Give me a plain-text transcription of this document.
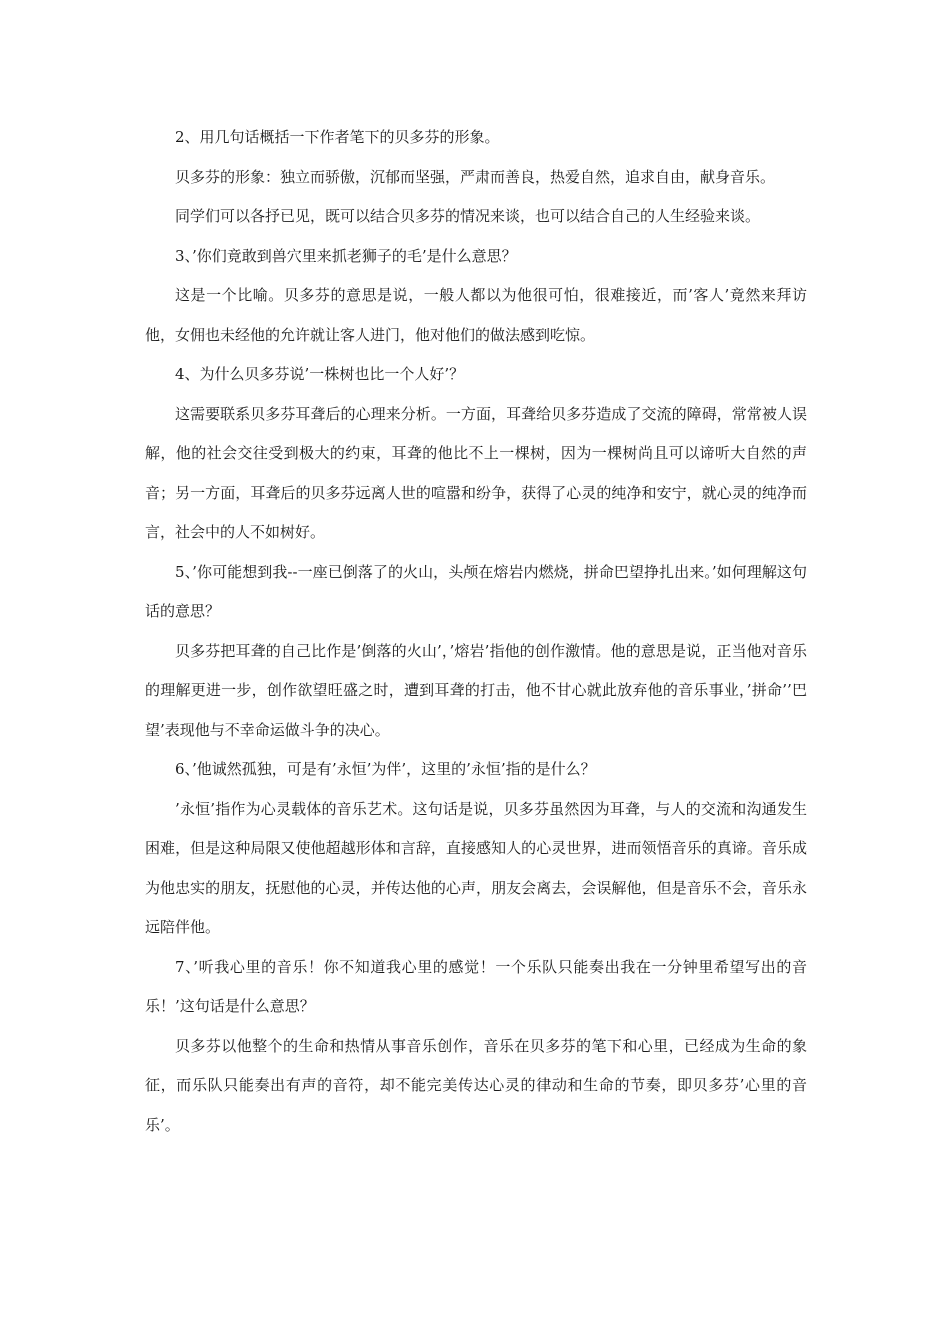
2、用几句话概括一下作者笔下的贝多芬的形象。

贝多芬的形象：独立而骄傲，沉郁而坚强，严肃而善良，热爱自然，追求自由，献身音乐。

同学们可以各抒已见，既可以结合贝多芬的情况来谈，也可以结合自己的人生经验来谈。

3、’你们竟敢到兽穴里来抓老狮子的毛’是什么意思？

这是一个比喻。贝多芬的意思是说，一般人都以为他很可怕，很难接近，而’客人’竟然来拜访他，女佣也未经他的允许就让客人进门，他对他们的做法感到吃惊。

4、为什么贝多芬说’一株树也比一个人好’？

这需要联系贝多芬耳聋后的心理来分析。一方面，耳聋给贝多芬造成了交流的障碍，常常被人误解，他的社会交往受到极大的约束，耳聋的他比不上一棵树，因为一棵树尚且可以谛听大自然的声音；另一方面，耳聋后的贝多芬远离人世的喧嚣和纷争，获得了心灵的纯净和安宁，就心灵的纯净而言，社会中的人不如树好。

5、’你可能想到我--一座已倒落了的火山，头颅在熔岩内燃烧，拼命巴望挣扎出来。’如何理解这句话的意思？

贝多芬把耳聋的自己比作是’倒落的火山’，’熔岩’指他的创作激情。他的意思是说，正当他对音乐的理解更进一步，创作欲望旺盛之时，遭到耳聋的打击，他不甘心就此放弃他的音乐事业，’拼命’’巴望’表现他与不幸命运做斗争的决心。

6、’他诚然孤独，可是有’永恒’为伴’，这里的’永恒’指的是什么？

’永恒’指作为心灵载体的音乐艺术。这句话是说，贝多芬虽然因为耳聋，与人的交流和沟通发生困难，但是这种局限又使他超越形体和言辞，直接感知人的心灵世界，进而领悟音乐的真谛。音乐成为他忠实的朋友，抚慰他的心灵，并传达他的心声，朋友会离去，会误解他，但是音乐不会，音乐永远陪伴他。

7、’听我心里的音乐！你不知道我心里的感觉！一个乐队只能奏出我在一分钟里希望写出的音乐！’这句话是什么意思？

贝多芬以他整个的生命和热情从事音乐创作，音乐在贝多芬的笔下和心里，已经成为生命的象征，而乐队只能奏出有声的音符，却不能完美传达心灵的律动和生命的节奏，即贝多芬’心里的音乐’。
